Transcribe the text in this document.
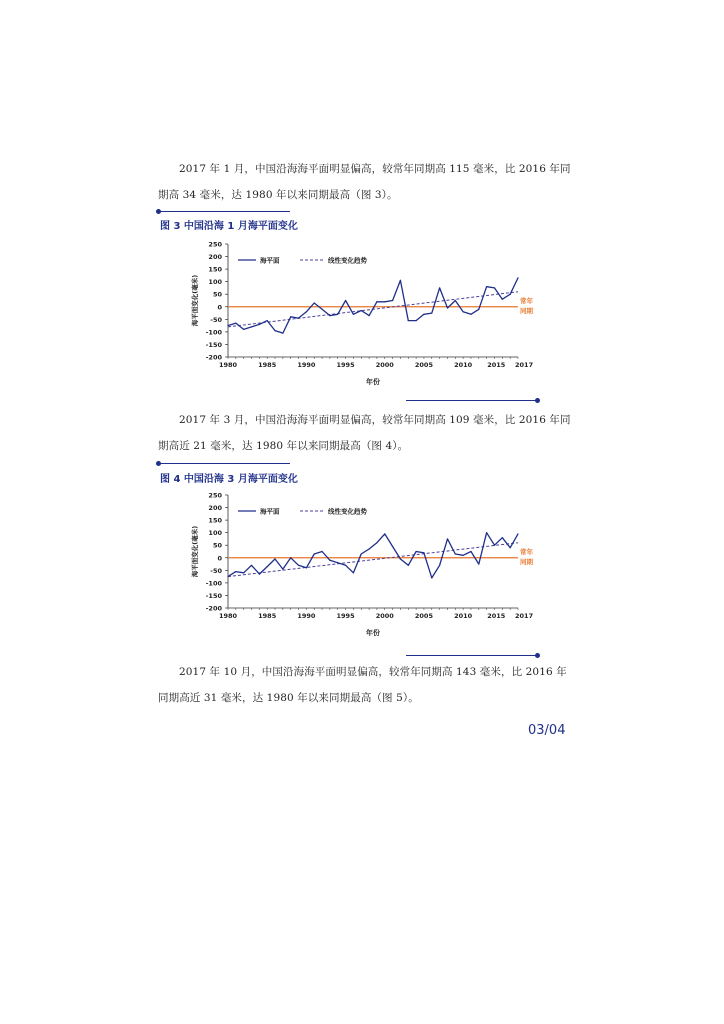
2017 年 1 月，中国沿海海平面明显偏高，较常年同期高 115 毫米，比 2016 年同期高 34 毫米，达 1980 年以来同期最高（图 3）。

图 3 中国沿海 1 月海平面变化
250
200
150
100
50
0
-50
-100
-150
-200
1980	1985	1990	1995	2000	2005	2010 2015 2017
年份
海平面变化(毫米)	常年
同期
海平面	线性变化趋势

2017 年 3 月，中国沿海海平面明显偏高，较常年同期高 109 毫米，比 2016 年同期高近 21 毫米，达 1980 年以来同期最高（图 4）。

图 4 中国沿海 3 月海平面变化
250
200
150
100
50
0
-50
-100
-150
-200
1980	1985	1990	1995	2000	2005	2010 2015 2017
年份
海平面变化(毫米)	常年
同期
海平面	线性变化趋势

2017 年 10 月，中国沿海海平面明显偏高，较常年同期高 143 毫米，比 2016 年同期高近 31 毫米，达 1980 年以来同期最高（图 5）。

03/04
